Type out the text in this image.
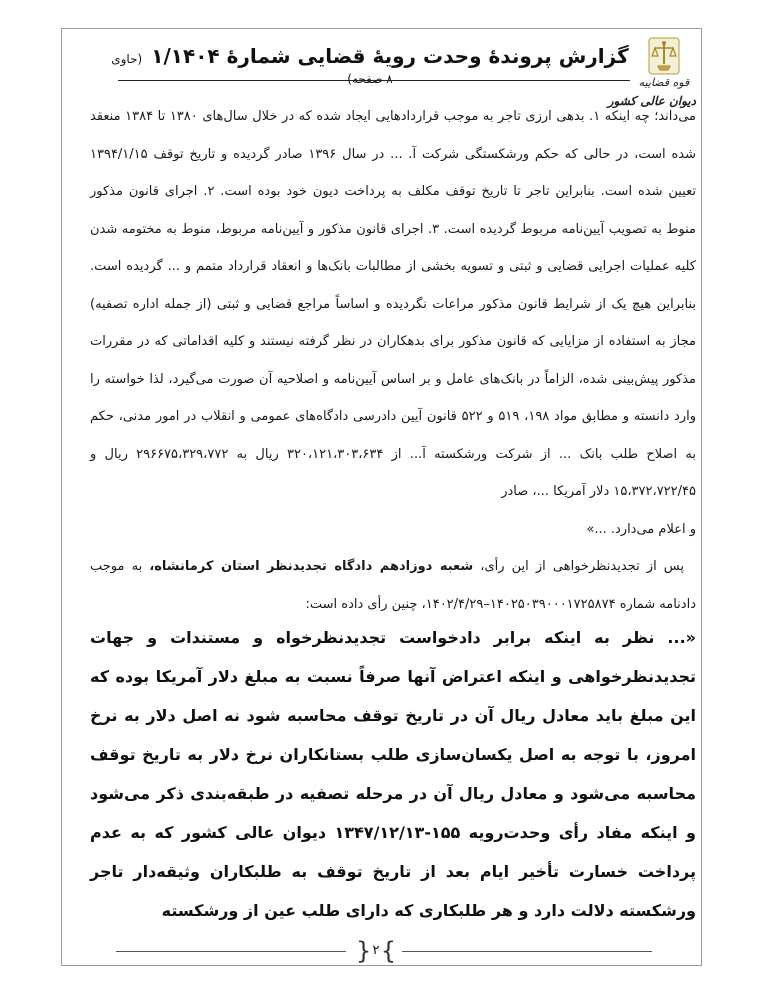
قوه قضاییه
دیوان عالی کشور
گزارش پروندۀ وحدت رویۀ قضایی شمارۀ ۱/۱۴۰۴ (حاوی ۸ صفحه)

می‌داند؛ چه اینکه ۱. بدهی ارزی تاجر به موجب قراردادهایی ایجاد شده که در خلال سال‌های ۱۳۸۰ تا ۱۳۸۴ منعقد شده است، در حالی که حکم ورشکستگی شرکت آ. ... در سال ۱۳۹۶ صادر گردیده و تاریخ توقف ۱۳۹۴/۱/۱۵ تعیین شده است. بنابراین تاجر تا تاریخ توقف مکلف به پرداخت دیون خود بوده است. ۲. اجرای قانون مذکور منوط به تصویب آیین‌نامه مربوط گردیده است. ۳. اجرای قانون مذکور و آیین‌نامه مربوط، منوط به مختومه شدن کلیه عملیات اجرایی قضایی و ثبتی و تسویه بخشی از مطالبات بانک‌ها و انعقاد قرارداد متمم و ... گردیده است. بنابراین هیچ یک از شرایط قانون مذکور مراعات نگردیده و اساساً مراجع قضایی و ثبتی (از جمله اداره تصفیه) مجاز به استفاده از مزایایی که قانون مذکور برای بدهکاران در نظر گرفته نیستند و کلیه اقداماتی که در مقررات مذکور پیش‌بینی شده، الزاماً در بانک‌های عامل و بر اساس آیین‌نامه و اصلاحیه آن صورت می‌گیرد، لذا خواسته را وارد دانسته و مطابق مواد ۱۹۸، ۵۱۹ و ۵۲۲ قانون آیین دادرسی دادگاه‌های عمومی و انقلاب در امور مدنی، حکم به اصلاح طلب بانک ... از شرکت ورشکسته آ... از ۳۲۰،۱۲۱،۳۰۳،۶۳۴ ریال به ۲۹۶۶۷۵،۳۲۹،۷۷۲ ریال و ۱۵،۳۷۲،۷۲۲/۴۵ دلار آمریکا ...، صادر

و اعلام می‌دارد. ...»

پس از تجدیدنظرخواهی از این رأی، شعبه دوزادهم دادگاه تجدیدنظر استان کرمانشاه، به موجب دادنامه شماره ۱۴۰۲۵۰۳۹۰۰۰۱۷۲۵۸۷۴–۱۴۰۲/۴/۲۹، چنین رأی داده است:

«... نظر به اینکه برابر دادخواست تجدیدنظرخواه و مستندات و جهات تجدیدنظرخواهی و اینکه اعتراض آنها صرفاً نسبت به مبلغ دلار آمریکا بوده که این مبلغ باید معادل ریال آن در تاریخ توقف محاسبه شود نه اصل دلار به نرخ امروز، با توجه به اصل یکسان‌سازی طلب بستانکاران نرخ دلار به تاریخ توقف محاسبه می‌شود و معادل ریال آن در مرحله تصفیه در طبقه‌بندی ذکر می‌شود و اینکه مفاد رأی وحدت‌رویه ۱۵۵-۱۳۴۷/۱۲/۱۳ دیوان عالی کشور که به عدم پرداخت خسارت تأخیر ایام بعد از تاریخ توقف به طلبکاران وثیقه‌دار تاجر ورشکسته دلالت دارد و هر طلبکاری که دارای طلب عین از ورشکسته
{ ۲ }
